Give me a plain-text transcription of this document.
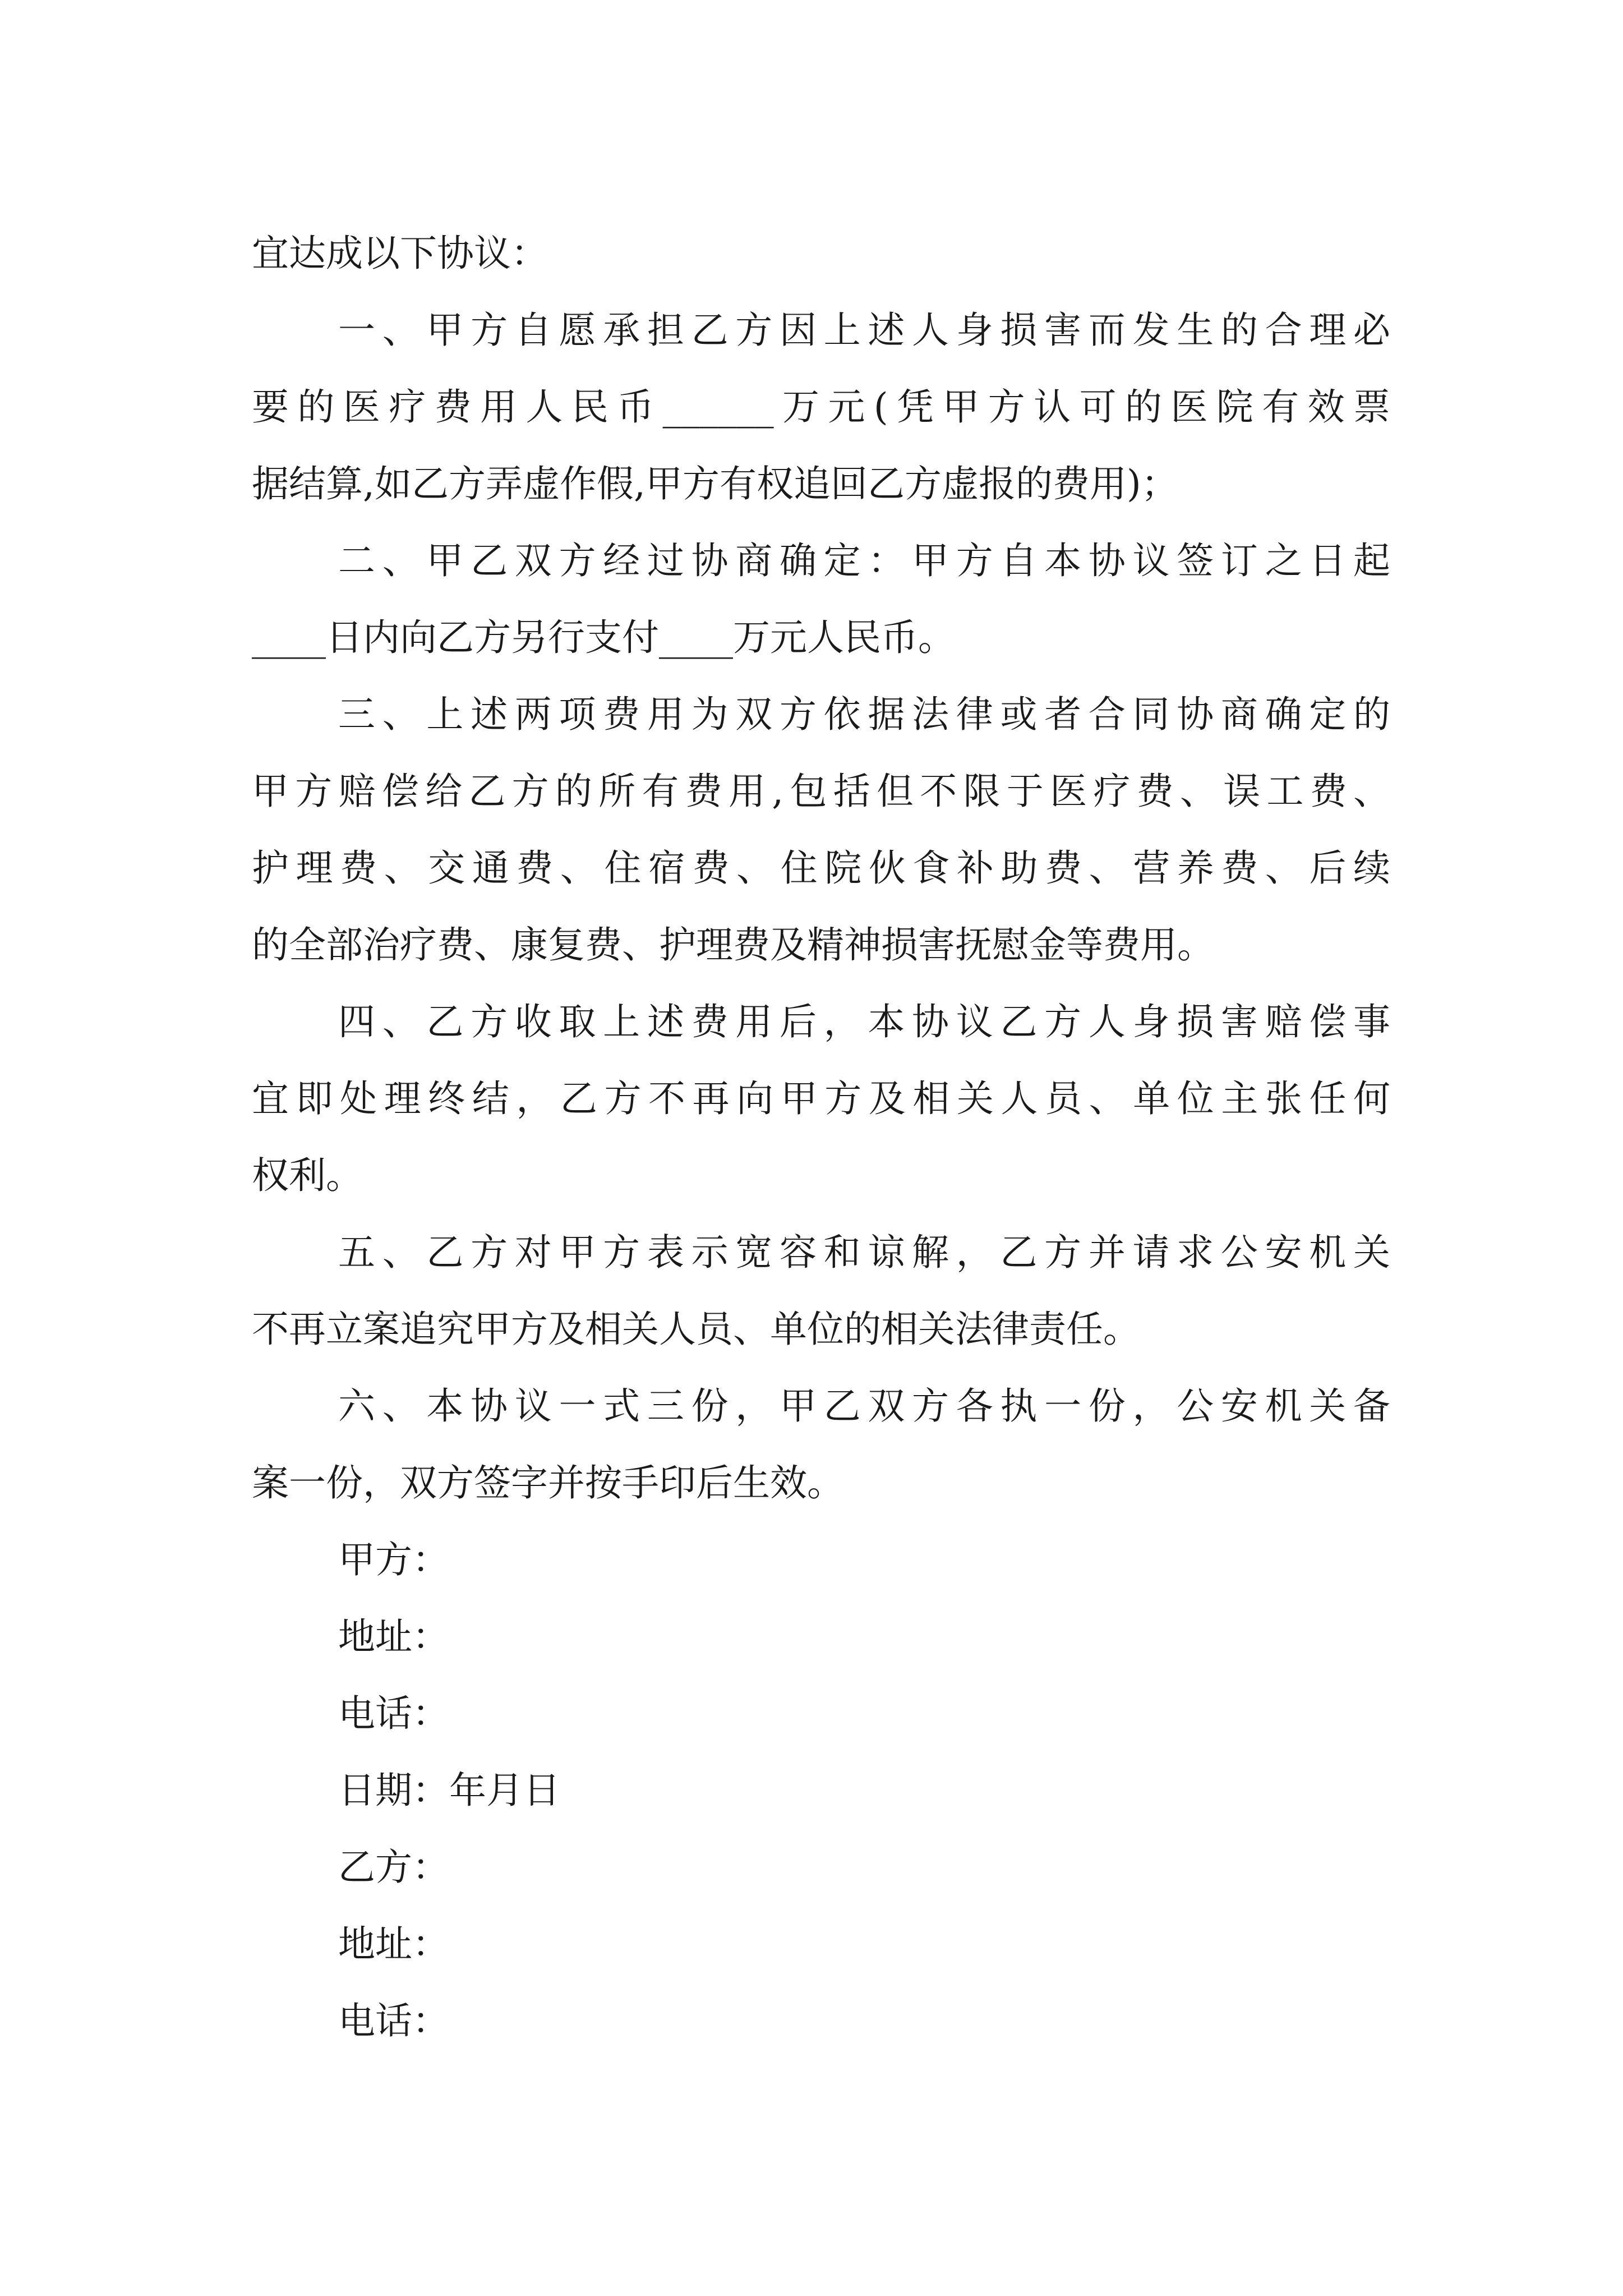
宜达成以下协议：
一、甲方自愿承担乙方因上述人身损害而发生的合理必
要的医疗费用人民币______万元(凭甲方认可的医院有效票
据结算,如乙方弄虚作假,甲方有权追回乙方虚报的费用)；
二、甲乙双方经过协商确定：甲方自本协议签订之日起
____日内向乙方另行支付____万元人民币。
三、上述两项费用为双方依据法律或者合同协商确定的
甲方赔偿给乙方的所有费用,包括但不限于医疗费、误工费、
护理费、交通费、住宿费、住院伙食补助费、营养费、后续
的全部治疗费、康复费、护理费及精神损害抚慰金等费用。
四、乙方收取上述费用后，本协议乙方人身损害赔偿事
宜即处理终结，乙方不再向甲方及相关人员、单位主张任何
权利。
五、乙方对甲方表示宽容和谅解，乙方并请求公安机关
不再立案追究甲方及相关人员、单位的相关法律责任。
六、本协议一式三份，甲乙双方各执一份，公安机关备
案一份，双方签字并按手印后生效。
甲方：
地址：
电话：
日期：年月日
乙方：
地址：
电话：
